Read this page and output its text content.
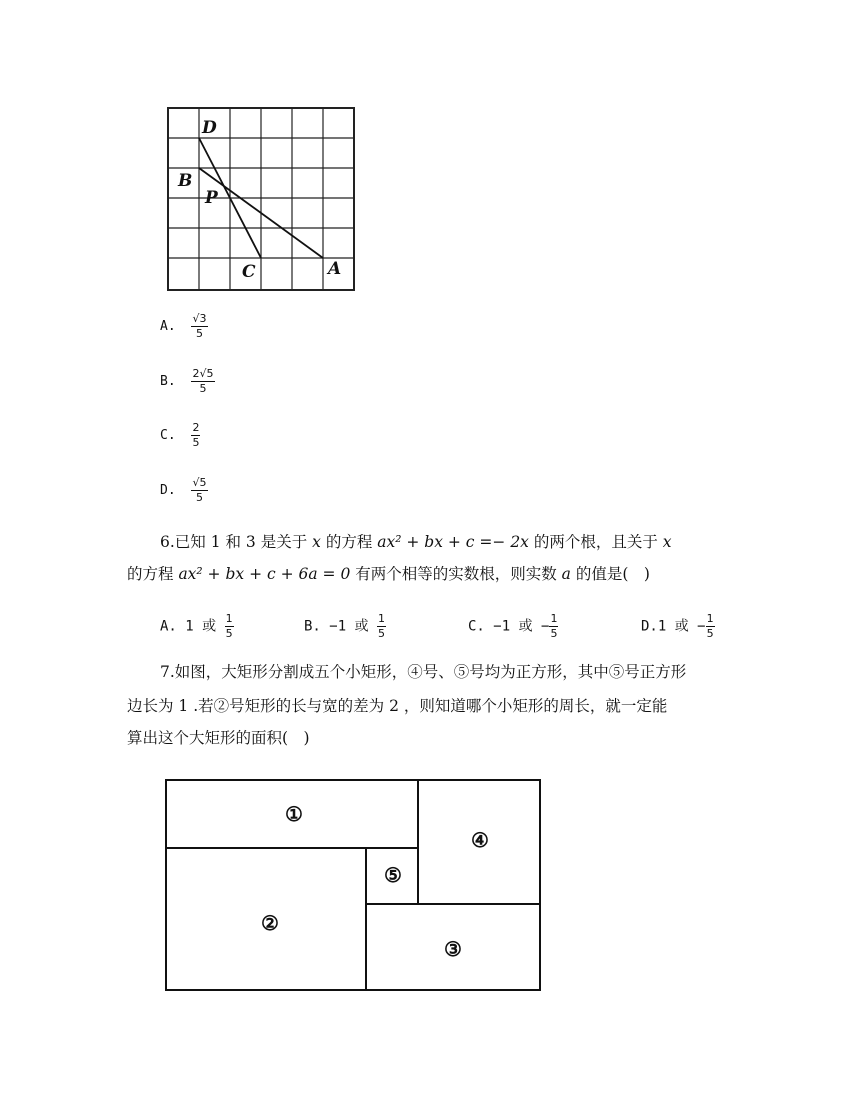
D
B
P
C	A
A. $\frac{√3}{5}$
B. $\frac{2√5}{5}$
C. $\frac{2}{5}$
D. $\frac{√5}{5}$
6.已知 1 和 3 是关于 x 的方程 ax² + bx + c =− 2x 的两个根，且关于 x
的方程 ax² + bx + c + 6a = 0 有两个相等的实数根，则实数 a 的值是(　)
A. 1 或 $\frac{1}{5}$	B. −1 或 $\frac{1}{5}$	C. −1 或 − $\frac{1}{5}$	D.1 或 − $\frac{1}{5}$
7.如图，大矩形分割成五个小矩形，④号、⑤号均为正方形，其中⑤号正方形
边长为 1 .若②号矩形的长与宽的差为 2 ，则知道哪个小矩形的周长，就一定能
算出这个大矩形的面积(　)
①
②
③
④
⑤
